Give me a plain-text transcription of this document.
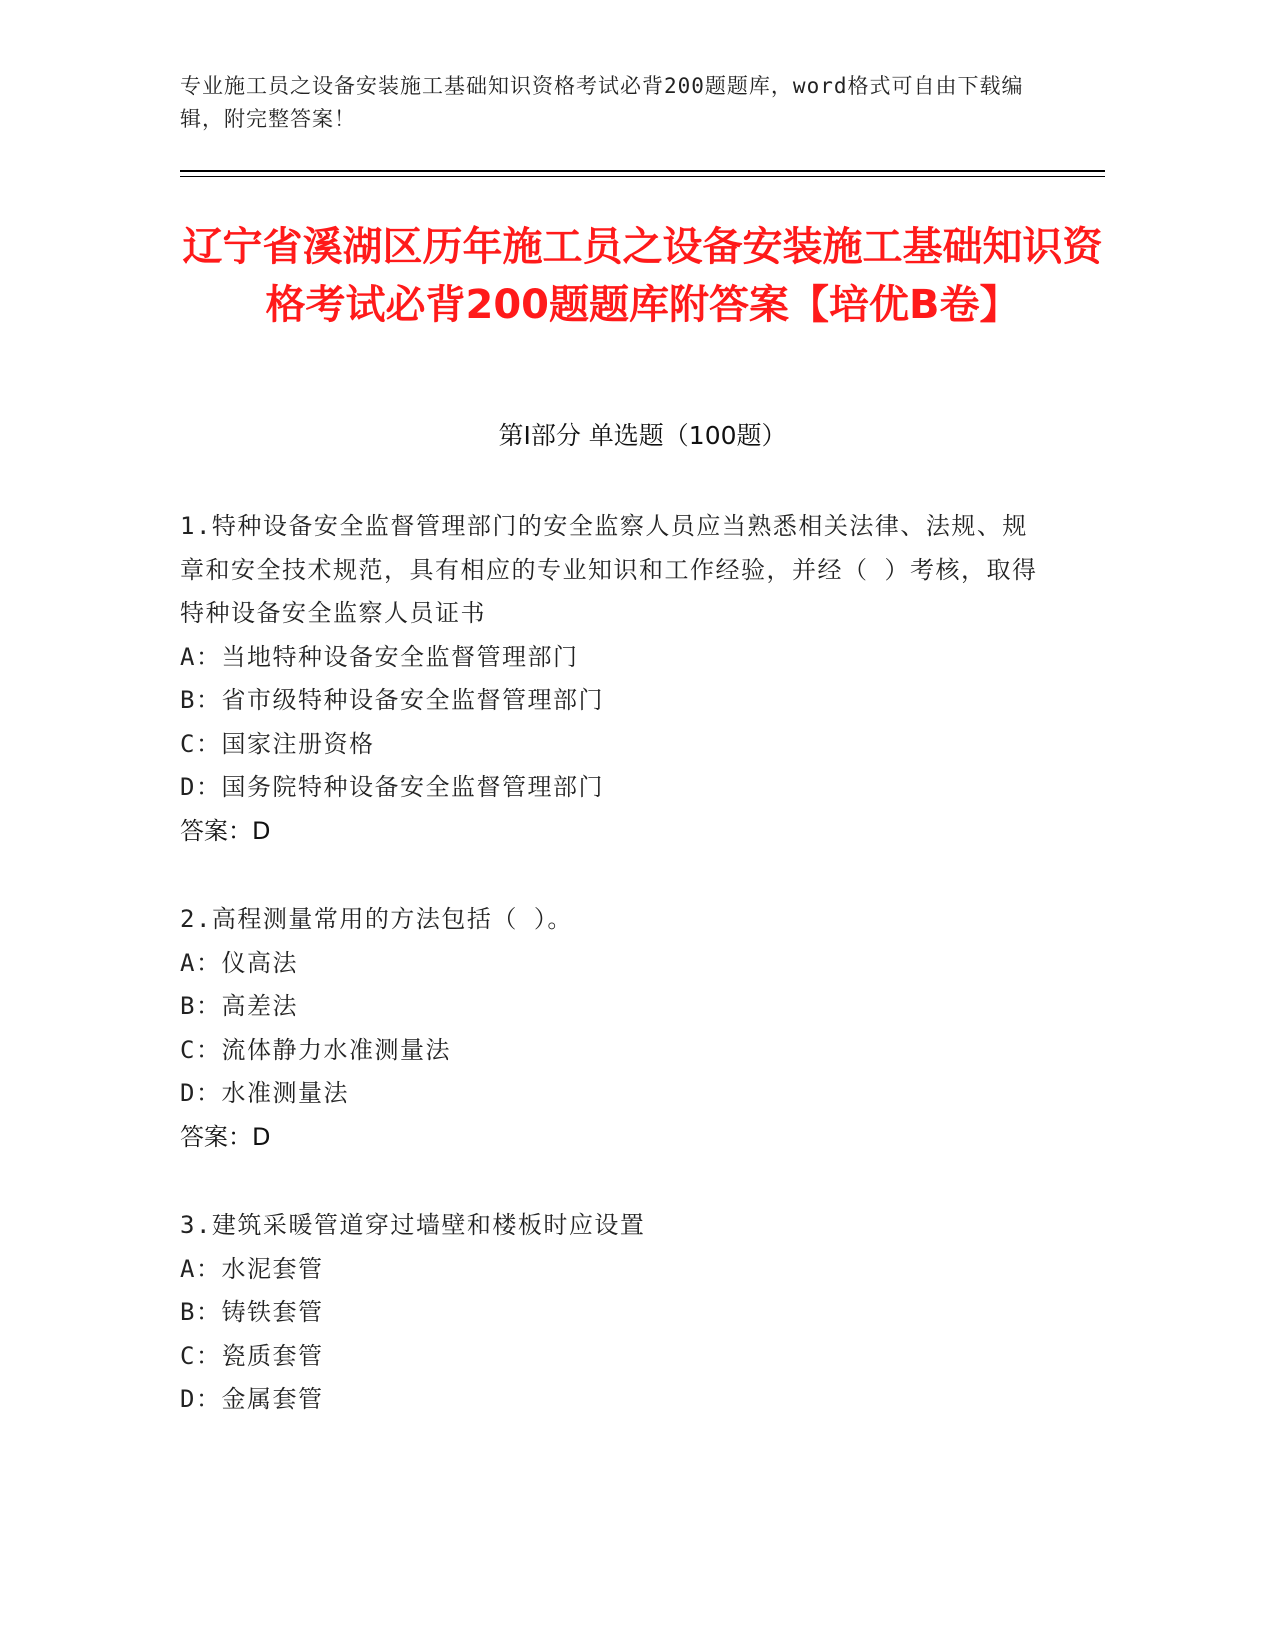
专业施工员之设备安装施工基础知识资格考试必背200题题库，word格式可自由下载编辑，附完整答案！
辽宁省溪湖区历年施工员之设备安装施工基础知识资格考试必背200题题库附答案【培优B卷】
第Ⅰ部分 单选题（100题）
1.特种设备安全监督管理部门的安全监察人员应当熟悉相关法律、法规、规章和安全技术规范，具有相应的专业知识和工作经验，并经（ ）考核，取得特种设备安全监察人员证书
A：当地特种设备安全监督管理部门
B：省市级特种设备安全监督管理部门
C：国家注册资格
D：国务院特种设备安全监督管理部门
答案：D
2.高程测量常用的方法包括（ ）。
A：仪高法
B：高差法
C：流体静力水准测量法
D：水准测量法
答案：D
3.建筑采暖管道穿过墙壁和楼板时应设置
A：水泥套管
B：铸铁套管
C：瓷质套管
D：金属套管
